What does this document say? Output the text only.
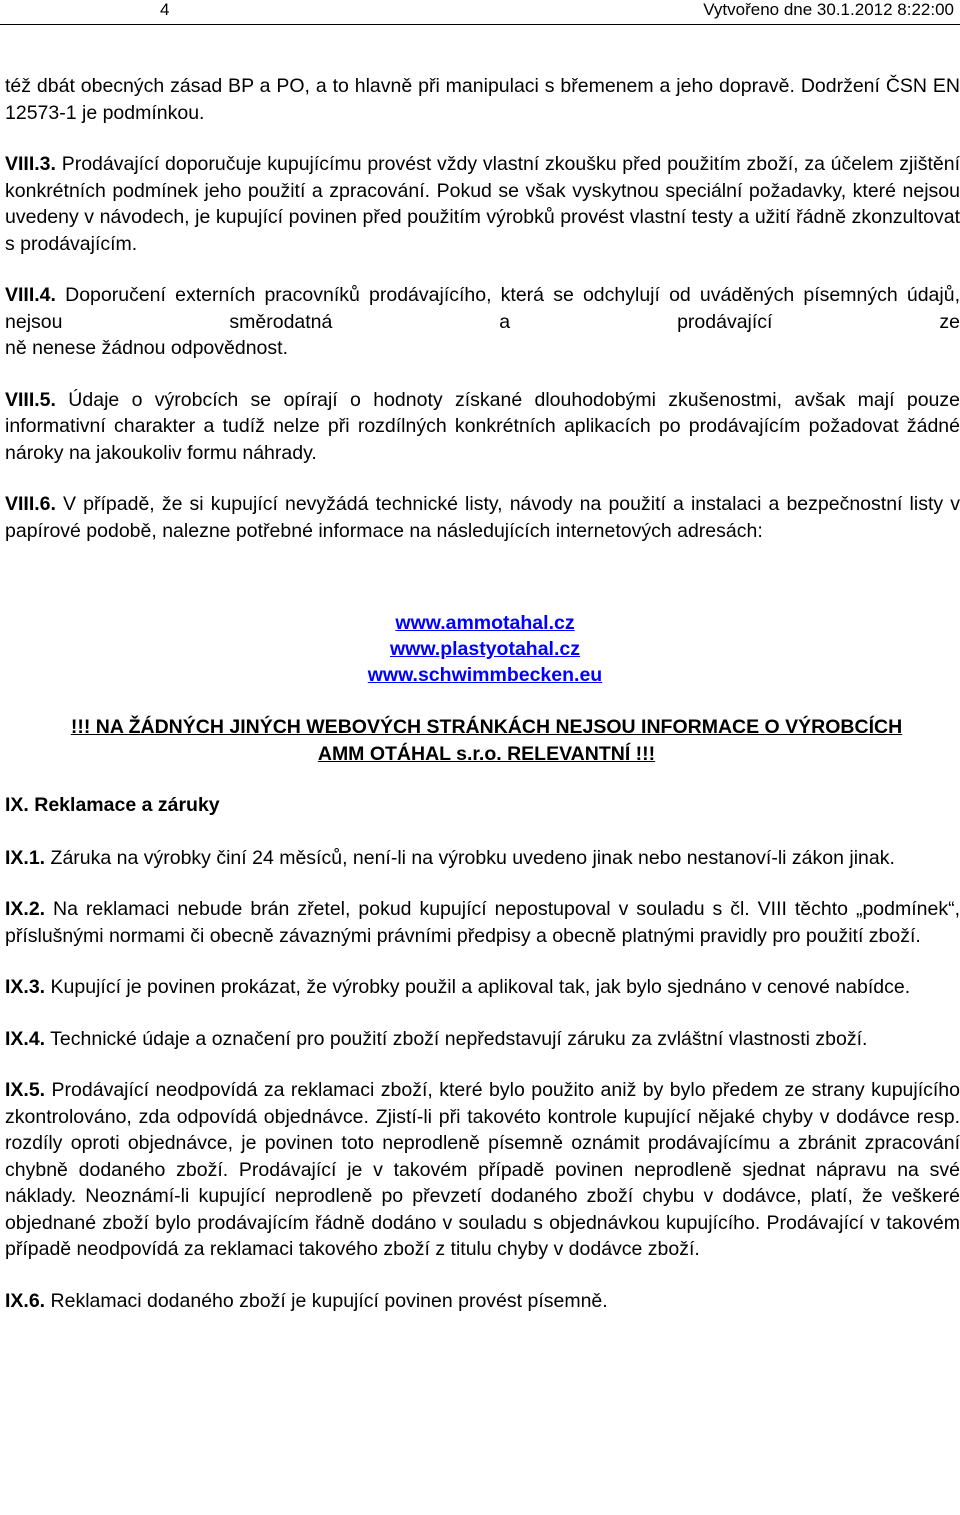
4	Vytvořeno dne 30.1.2012 8:22:00

též dbát obecných zásad BP a PO, a to hlavně při manipulaci s břemenem a jeho dopravě. Dodržení ČSN EN 12573-1 je podmínkou.

VIII.3. Prodávající doporučuje kupujícímu provést vždy vlastní zkoušku před použitím zboží, za účelem zjištění konkrétních podmínek jeho použití a zpracování. Pokud se však vyskytnou speciální požadavky, které nejsou uvedeny v návodech, je kupující povinen před použitím výrobků provést vlastní testy a užití řádně zkonzultovat s prodávajícím.

VIII.4. Doporučení externích pracovníků prodávajícího, která se odchylují od uváděných písemných údajů, nejsou směrodatná a prodávající ze
ně nenese žádnou odpovědnost.

VIII.5. Údaje o výrobcích se opírají o hodnoty získané dlouhodobými zkušenostmi, avšak mají pouze informativní charakter a tudíž nelze při rozdílných konkrétních aplikacích po prodávajícím požadovat žádné nároky na jakoukoliv formu náhrady.

VIII.6. V případě, že si kupující nevyžádá technické listy, návody na použití a instalaci a bezpečnostní listy v papírové podobě, nalezne potřebné informace na následujících internetových adresách:

www.ammotahal.cz
www.plastyotahal.cz
www.schwimmbecken.eu
!!! NA ŽÁDNÝCH JINÝCH WEBOVÝCH STRÁNKÁCH NEJSOU INFORMACE O VÝROBCÍCH AMM OTÁHAL s.r.o. RELEVANTNÍ !!!
IX. Reklamace a záruky

IX.1. Záruka na výrobky činí 24 měsíců, není-li na výrobku uvedeno jinak nebo nestanoví-li zákon jinak.

IX.2. Na reklamaci nebude brán zřetel, pokud kupující nepostupoval v souladu s čl. VIII těchto „podmínek“, příslušnými normami či obecně závaznými právními předpisy a obecně platnými pravidly pro použití zboží.

IX.3. Kupující je povinen prokázat, že výrobky použil a aplikoval tak, jak bylo sjednáno v cenové nabídce.

IX.4. Technické údaje a označení pro použití zboží nepředstavují záruku za zvláštní vlastnosti zboží.

IX.5. Prodávající neodpovídá za reklamaci zboží, které bylo použito aniž by bylo předem ze strany kupujícího zkontrolováno, zda odpovídá objednávce. Zjistí-li při takovéto kontrole kupující nějaké chyby v dodávce resp. rozdíly oproti objednávce, je povinen toto neprodleně písemně oznámit prodávajícímu a zbránit zpracování chybně dodaného zboží. Prodávající je v takovém případě povinen neprodleně sjednat nápravu na své náklady. Neoznámí-li kupující neprodleně po převzetí dodaného zboží chybu v dodávce, platí, že veškeré objednané zboží bylo prodávajícím řádně dodáno v souladu s objednávkou kupujícího. Prodávající v takovém případě neodpovídá za reklamaci takového zboží z titulu chyby v dodávce zboží.

IX.6. Reklamaci dodaného zboží je kupující povinen provést písemně.
